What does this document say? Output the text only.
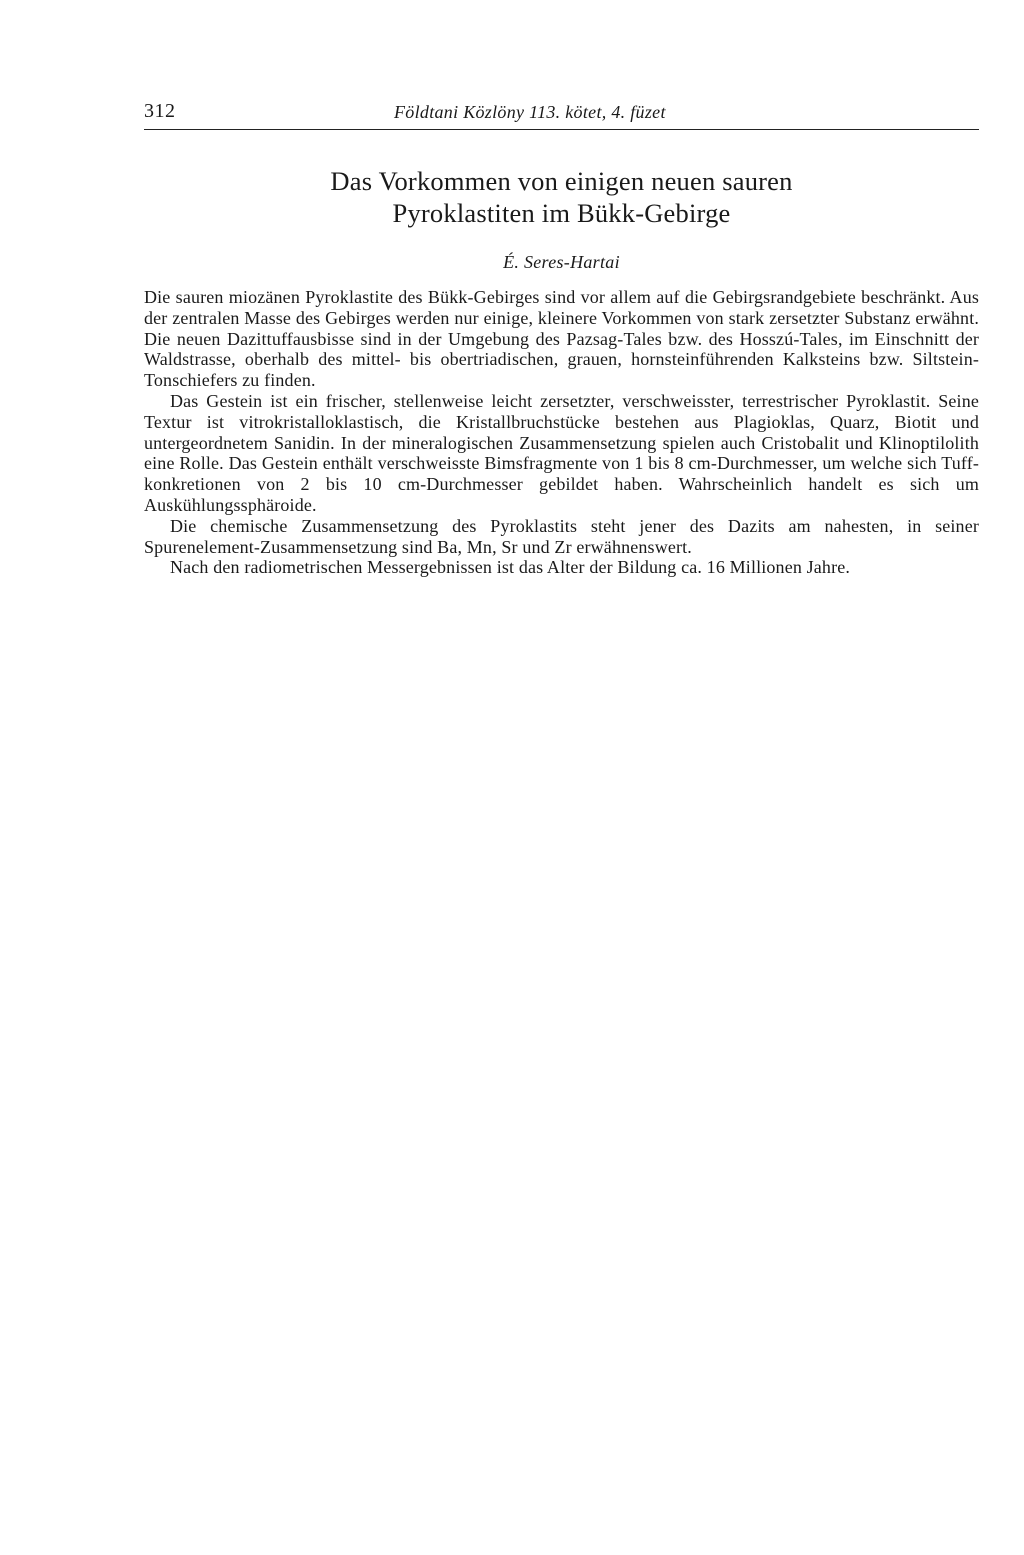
312	Földtani Közlöny 113. kötet, 4. füzet
Das Vorkommen von einigen neuen sauren
Pyroklastiten im Bükk-Gebirge
É. Seres-Hartai

Die sauren miozänen Pyroklastite des Bükk-Gebirges sind vor allem auf die Gebirgsrandgebiete beschränkt. Aus der zentralen Masse des Gebirges werden nur einige, kleinere Vorkommen von stark zersetzter Substanz erwähnt. Die neuen Dazittuffausbisse sind in der Umgebung des Pazsag-Tales bzw. des Hosszú-Tales, im Einschnitt der Waldstrasse, oberhalb des mittel- bis obertriadischen, grauen, hornsteinführenden Kalksteins bzw. Siltstein-Tonschiefers zu finden.

Das Gestein ist ein frischer, stellenweise leicht zersetzter, verschweisster, terrestrischer Pyroklastit. Seine Textur ist vitrokristalloklastisch, die Kristallbruchstücke bestehen aus Plagioklas, Quarz, Biotit und untergeordnetem Sanidin. In der mineralogischen Zusammensetzung spielen auch Cristobalit und Klinoptilolith eine Rolle. Das Gestein enthält verschweisste Bimsfragmente von 1 bis 8 cm-Durchmesser, um welche sich Tuff-konkretionen von 2 bis 10 cm-Durchmesser gebildet haben. Wahrscheinlich handelt es sich um Auskühlungssphäroide.

Die chemische Zusammensetzung des Pyroklastits steht jener des Dazits am nahesten, in seiner Spurenelement-Zusammensetzung sind Ba, Mn, Sr und Zr erwähnenswert.

Nach den radiometrischen Messergebnissen ist das Alter der Bildung ca. 16 Millionen Jahre.
